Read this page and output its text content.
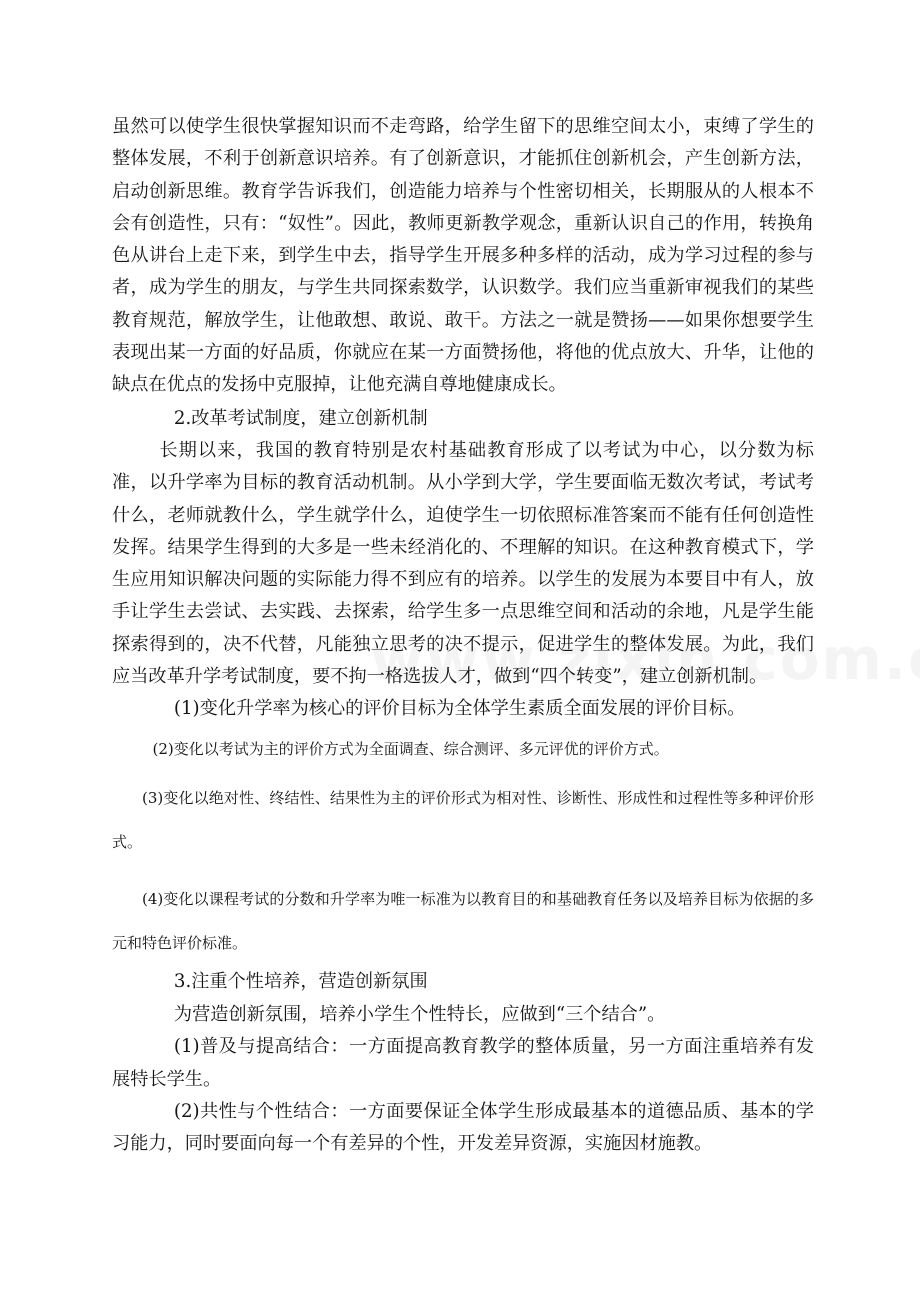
虽然可以使学生很快掌握知识而不走弯路，给学生留下的思维空间太小，束缚了学生的整体发展，不利于创新意识培养。有了创新意识，才能抓住创新机会，产生创新方法，启动创新思维。教育学告诉我们，创造能力培养与个性密切相关，长期服从的人根本不会有创造性，只有：“奴性”。因此，教师更新教学观念，重新认识自己的作用，转换角色从讲台上走下来，到学生中去，指导学生开展多种多样的活动，成为学习过程的参与者，成为学生的朋友，与学生共同探索数学，认识数学。我们应当重新审视我们的某些教育规范，解放学生，让他敢想、敢说、敢干。方法之一就是赞扬——如果你想要学生表现出某一方面的好品质，你就应在某一方面赞扬他，将他的优点放大、升华，让他的缺点在优点的发扬中克服掉，让他充满自尊地健康成长。

2.改革考试制度，建立创新机制

长期以来，我国的教育特别是农村基础教育形成了以考试为中心，以分数为标准，以升学率为目标的教育活动机制。从小学到大学，学生要面临无数次考试，考试考什么，老师就教什么，学生就学什么，迫使学生一切依照标准答案而不能有任何创造性发挥。结果学生得到的大多是一些未经消化的、不理解的知识。在这种教育模式下，学生应用知识解决问题的实际能力得不到应有的培养。以学生的发展为本要目中有人，放手让学生去尝试、去实践、去探索，给学生多一点思维空间和活动的余地，凡是学生能探索得到的，决不代替，凡能独立思考的决不提示，促进学生的整体发展。为此，我们应当改革升学考试制度，要不拘一格选拔人才，做到“四个转变”，建立创新机制。

(1)变化升学率为核心的评价目标为全体学生素质全面发展的评价目标。

(2)变化以考试为主的评价方式为全面调查、综合测评、多元评优的评价方式。

(3)变化以绝对性、终结性、结果性为主的评价形式为相对性、诊断性、形成性和过程性等多种评价形式。

(4)变化以课程考试的分数和升学率为唯一标准为以教育目的和基础教育任务以及培养目标为依据的多元和特色评价标准。

3.注重个性培养，营造创新氛围

为营造创新氛围，培养小学生个性特长，应做到“三个结合”。

(1)普及与提高结合：一方面提高教育教学的整体质量，另一方面注重培养有发展特长学生。

(2)共性与个性结合：一方面要保证全体学生形成最基本的道德品质、基本的学习能力，同时要面向每一个有差异的个性，开发差异资源，实施因材施教。
